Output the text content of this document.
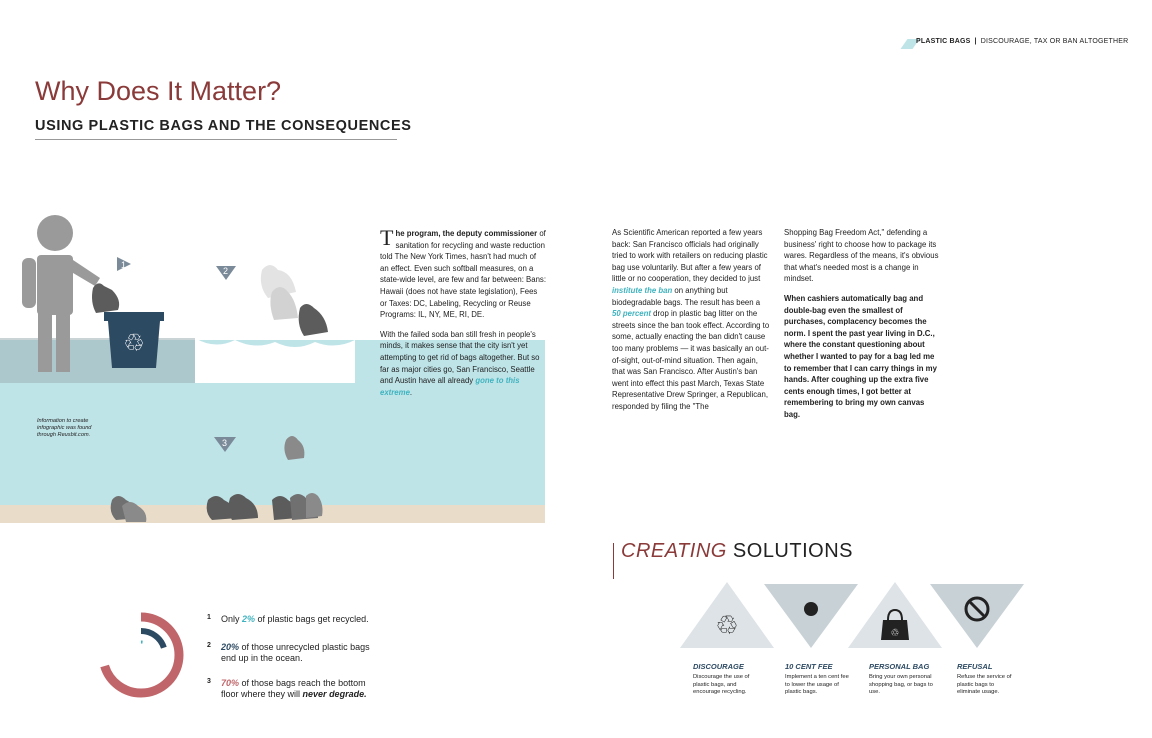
PLASTIC BAGS | DISCOURAGE, TAX OR BAN ALTOGETHER
Why Does It Matter?
USING PLASTIC BAGS AND THE CONSEQUENCES
♲
1
2
3
Information to create
infographic was found
through Reusbit.com.

The program, the deputy commissioner of sanitation for recycling and waste reduction told The New York Times, hasn't had much of an effect. Even such softball measures, on a state-wide level, are few and far between: Bans: Hawaii (does not have state legislation), Fees or Taxes: DC, Labeling, Recycling or Reuse Programs: IL, NY, ME, RI, DE.

With the failed soda ban still fresh in people's minds, it makes sense that the city isn't yet attempting to get rid of bags altogether. But so far as major cities go, San Francisco, Seattle and Austin have all already gone to this extreme.

As Scientific American reported a few years back: San Francisco officials had originally tried to work with retailers on reducing plastic bag use voluntarily. But after a few years of little or no cooperation, they decided to just institute the ban on anything but biodegradable bags. The result has been a 50 percent drop in plastic bag litter on the streets since the ban took effect. According to some, actually enacting the ban didn't cause too many problems — it was basically an out-of-sight, out-of-mind situation. Then again, that was San Francisco. After Austin's ban went into effect this past March, Texas State Representative Drew Springer, a Republican, responded by filing the "The

Shopping Bag Freedom Act," defending a business' right to choose how to package its wares. Regardless of the means, it's obvious that what's needed most is a change in mindset.

When cashiers automatically bag and double-bag even the smallest of purchases, complacency becomes the norm. I spent the past year living in D.C., where the constant questioning about whether I wanted to pay for a bag led me to remember that I can carry things in my hands. After coughing up the extra five cents enough times, I got better at remembering to bring my own canvas bag.

1 Only 2% of plastic bags get recycled.
2 20% of those unrecycled plastic bags end up in the ocean.
3 70% of those bags reach the bottom floor where they will never degrade.
CREATING SOLUTIONS
♲	♲
DISCOURAGE
Discourage the use of plastic bags, and encourage recycling.
10 CENT FEE
Implement a ten cent fee to lower the usage of plastic bags.
PERSONAL BAG
Bring your own personal shopping bag, or bags to use.
REFUSAL
Refuse the service of plastic bags to eliminate usage.
